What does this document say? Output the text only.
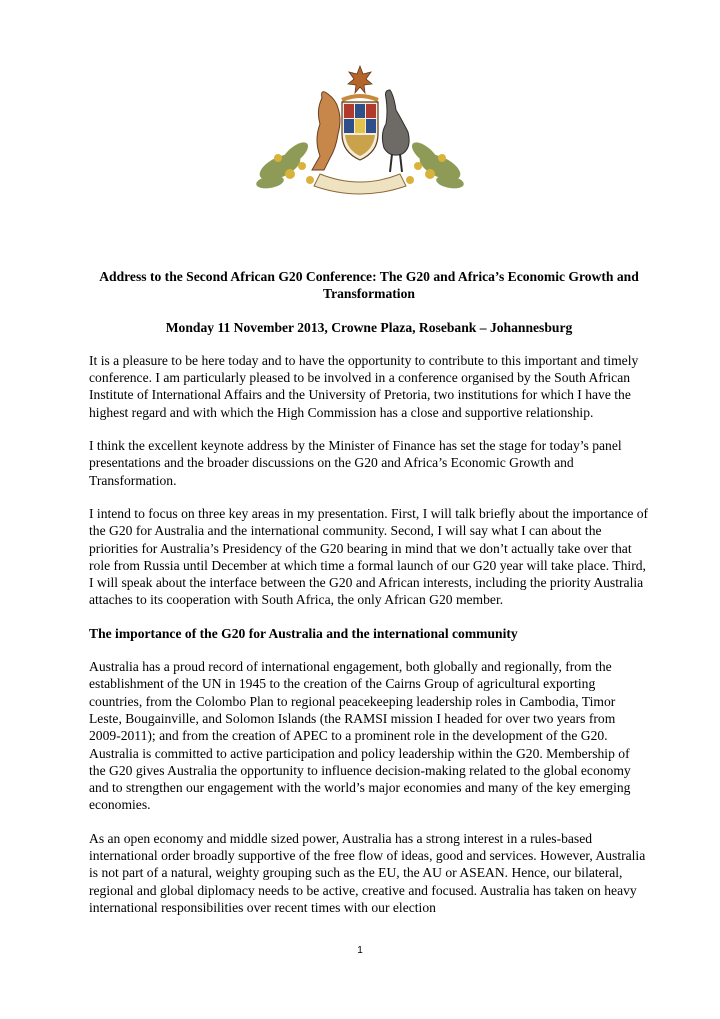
Address to the Second African G20 Conference: The G20 and Africa’s Economic Growth and Transformation

Monday 11 November 2013, Crowne Plaza, Rosebank – Johannesburg

It is a pleasure to be here today and to have the opportunity to contribute to this important and timely conference. I am particularly pleased to be involved in a conference organised by the South African Institute of International Affairs and the University of Pretoria, two institutions for which I have the highest regard and with which the High Commission has a close and supportive relationship.

I think the excellent keynote address by the Minister of Finance has set the stage for today’s panel presentations and the broader discussions on the G20 and Africa’s Economic Growth and Transformation.

I intend to focus on three key areas in my presentation. First, I will talk briefly about the importance of the G20 for Australia and the international community. Second, I will say what I can about the priorities for Australia’s Presidency of the G20 bearing in mind that we don’t actually take over that role from Russia until December at which time a formal launch of our G20 year will take place. Third, I will speak about the interface between the G20 and African interests, including the priority Australia attaches to its cooperation with South Africa, the only African G20 member.

The importance of the G20 for Australia and the international community

Australia has a proud record of international engagement, both globally and regionally, from the establishment of the UN in 1945 to the creation of the Cairns Group of agricultural exporting countries, from the Colombo Plan to regional peacekeeping leadership roles in Cambodia, Timor Leste, Bougainville, and Solomon Islands (the RAMSI mission I headed for over two years from 2009-2011); and from the creation of APEC to a prominent role in the development of the G20. Australia is committed to active participation and policy leadership within the G20. Membership of the G20 gives Australia the opportunity to influence decision-making related to the global economy and to strengthen our engagement with the world’s major economies and many of the key emerging economies.

As an open economy and middle sized power, Australia has a strong interest in a rules-based international order broadly supportive of the free flow of ideas, good and services. However, Australia is not part of a natural, weighty grouping such as the EU, the AU or ASEAN. Hence, our bilateral, regional and global diplomacy needs to be active, creative and focused. Australia has taken on heavy international responsibilities over recent times with our election

1
